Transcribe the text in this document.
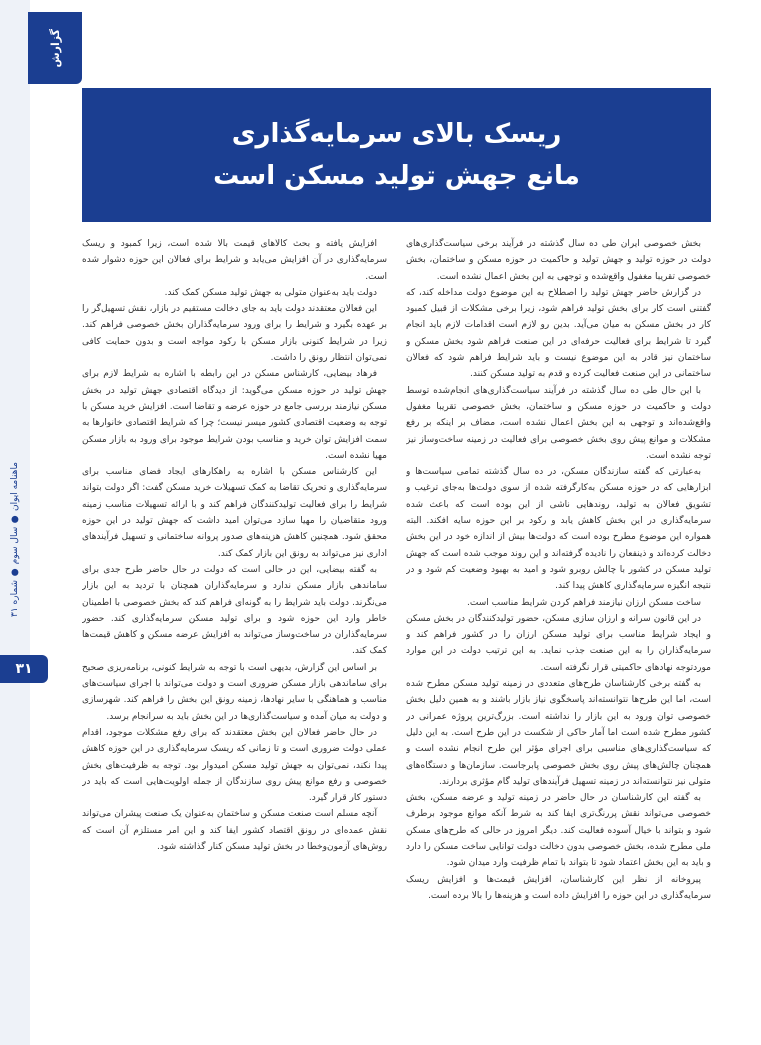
گزارش
ماهنامه ایوان ● سال سوم ● شماره ۳۱
۳۱
ریسک بالای سرمایه‌گذاری
مانع جهش تولید مسکن است

بخش خصوصی ایران طی ده سال گذشته در فرآیند برخی سیاست‌گذاری‌های دولت در حوزه تولید و جهش تولید و حاکمیت در حوزه مسکن و ساختمان، بخش خصوصی تقریبا مغفول واقع‌شده و توجهی به این بخش اعمال نشده است.

در گزارش حاضر جهش تولید را اصطلاح به این موضوع دولت مداخله کند، که گفتنی است کار برای بخش تولید فراهم شود، زیرا برخی مشکلات از قبیل کمبود کار در بخش مسکن به میان می‌آید. بدین رو لازم است اقدامات لازم باید انجام گیرد تا شرایط برای فعالیت حرفه‌ای در این صنعت فراهم شود بخش مسکن و ساختمان نیز قادر به این موضوع نیست و باید شرایط فراهم شود که فعالان ساختمانی در این صنعت فعالیت کرده و قدم به تولید مسکن کنند.

با این حال طی ده سال گذشته در فرآیند سیاست‌گذاری‌های انجام‌شده توسط دولت و حاکمیت در حوزه مسکن و ساختمان، بخش خصوصی تقریبا مغفول واقع‌شده‌اند و توجهی به این بخش اعمال نشده است، مضاف بر اینکه بر رفع مشکلات و موانع پیش روی بخش خصوصی برای فعالیت در زمینه ساخت‌وساز نیز توجه نشده است.

به‌عبارتی که گفته سازندگان مسکن، در ده سال گذشته تمامی سیاست‌ها و ابزارهایی که در حوزه مسکن به‌کارگرفته شده از سوی دولت‌ها به‌جای ترغیب و تشویق فعالان به تولید، روند‌هایی ناشی از این بوده است که باعث شده سرمایه‌گذاری در این بخش کاهش یابد و رکود بر این حوزه سایه افکند. البته همواره این موضوع مطرح بوده است که دولت‌ها بیش از اندازه خود در این بخش دخالت کرده‌اند و ذینفعان را نادیده گرفته‌اند و این روند موجب شده است که جهش تولید مسکن در کشور با چالش روبرو شود و امید به بهبود وضعیت کم شود و در نتیجه انگیزه سرمایه‌گذاری کاهش پیدا کند.

ساخت مسکن ارزان نیازمند فراهم کردن شرایط مناسب است.

در این قانون سرانه و ارزان سازی مسکن، حضور تولیدکنندگان در بخش مسکن و ایجاد شرایط مناسب برای تولید مسکن ارزان را در کشور فراهم کند و سرمایه‌گذاران را به این صنعت جذب نماید. به این ترتیب دولت در این موارد موردتوجه نهادهای حاکمیتی قرار نگرفته است.

به گفته برخی کارشناسان طرح‌های متعددی در زمینه تولید مسکن مطرح شده است، اما این طرح‌ها نتوانسته‌اند پاسخگوی نیاز بازار باشند و به همین دلیل بخش خصوصی توان ورود به این بازار را نداشته است. بزرگ‌ترین پروژه عمرانی در کشور مطرح شده است اما آمار حاکی از شکست در این طرح است. به این دلیل که سیاست‌گذاری‌های مناسبی برای اجرای مؤثر این طرح انجام نشده است و همچنان چالش‌های پیش روی بخش خصوصی پابرجاست. سازمان‌ها و دستگاه‌های متولی نیز نتوانسته‌اند در زمینه تسهیل فرآیندهای تولید گام مؤثری بردارند.

به گفته این کارشناسان در حال حاضر در زمینه تولید و عرضه مسکن، بخش خصوصی می‌تواند نقش پررنگ‌تری ایفا کند به شرط آنکه موانع موجود برطرف شود و بتواند با خیال آسوده فعالیت کند. دیگر امروز در حالی که طرح‌های مسکن ملی مطرح شده، بخش خصوصی بدون دخالت دولت توانایی ساخت مسکن را دارد و باید به این بخش اعتماد شود تا بتواند با تمام ظرفیت وارد میدان شود.

پیروخانه از نظر این کارشناسان، افزایش قیمت‌ها و افزایش ریسک سرمایه‌گذاری در این حوزه را افزایش داده است و هزینه‌ها را بالا برده است.

افزایش یافته و بحث کالاهای قیمت بالا شده است، زیرا کمبود و ریسک سرمایه‌گذاری در آن افزایش می‌یابد و شرایط برای فعالان این حوزه دشوار شده است.

دولت باید به‌عنوان متولی به جهش تولید مسکن کمک کند.

این فعالان معتقدند دولت باید به جای دخالت مستقیم در بازار، نقش تسهیل‌گر را بر عهده بگیرد و شرایط را برای ورود سرمایه‌گذاران بخش خصوصی فراهم کند. زیرا در شرایط کنونی بازار مسکن با رکود مواجه است و بدون حمایت کافی نمی‌توان انتظار رونق را داشت.

فرهاد بیضایی، کارشناس مسکن در این رابطه با اشاره به شرایط لازم برای جهش تولید در حوزه مسکن می‌گوید: از دیدگاه اقتصادی جهش تولید در بخش مسکن نیازمند بررسی جامع در حوزه عرضه و تقاضا است. افزایش خرید مسکن با توجه به وضعیت اقتصادی کشور میسر نیست؛ چرا که شرایط اقتصادی خانوارها به سمت افزایش توان خرید و مناسب بودن شرایط موجود برای ورود به بازار مسکن مهیا نشده است.

این کارشناس مسکن با اشاره به راهکارهای ایجاد فضای مناسب برای سرمایه‌گذاری و تحریک تقاضا به کمک تسهیلات خرید مسکن گفت: اگر دولت بتواند شرایط را برای فعالیت تولیدکنندگان فراهم کند و با ارائه تسهیلات مناسب زمینه ورود متقاضیان را مهیا سازد می‌توان امید داشت که جهش تولید در این حوزه محقق شود. همچنین کاهش هزینه‌های صدور پروانه ساختمانی و تسهیل فرآیندهای اداری نیز می‌تواند به رونق این بازار کمک کند.

به گفته بیضایی، این در حالی است که دولت در حال حاضر طرح جدی برای ساماندهی بازار مسکن ندارد و سرمایه‌گذاران همچنان با تردید به این بازار می‌نگرند. دولت باید شرایط را به گونه‌ای فراهم کند که بخش خصوصی با اطمینان خاطر وارد این حوزه شود و برای تولید مسکن سرمایه‌گذاری کند. حضور سرمایه‌گذاران در ساخت‌وساز می‌تواند به افزایش عرضه مسکن و کاهش قیمت‌ها کمک کند.

بر اساس این گزارش، بدیهی است با توجه به شرایط کنونی، برنامه‌ریزی صحیح برای ساماندهی بازار مسکن ضروری است و دولت می‌تواند با اجرای سیاست‌های مناسب و هماهنگی با سایر نهادها، زمینه رونق این بخش را فراهم کند. شهرسازی و دولت به میان آمده و سیاست‌گذاری‌ها در این بخش باید به سرانجام برسد.

در حال حاضر فعالان این بخش معتقدند که برای رفع مشکلات موجود، اقدام عملی دولت ضروری است و تا زمانی که ریسک سرمایه‌گذاری در این حوزه کاهش پیدا نکند، نمی‌توان به جهش تولید مسکن امیدوار بود. توجه به ظرفیت‌های بخش خصوصی و رفع موانع پیش روی سازندگان از جمله اولویت‌هایی است که باید در دستور کار قرار گیرد.

آنچه مسلم است صنعت مسکن و ساختمان به‌عنوان یک صنعت پیشران می‌تواند نقش عمده‌ای در رونق اقتصاد کشور ایفا کند و این امر مستلزم آن است که روش‌های آزمون‌وخطا در بخش تولید مسکن کنار گذاشته شود.
